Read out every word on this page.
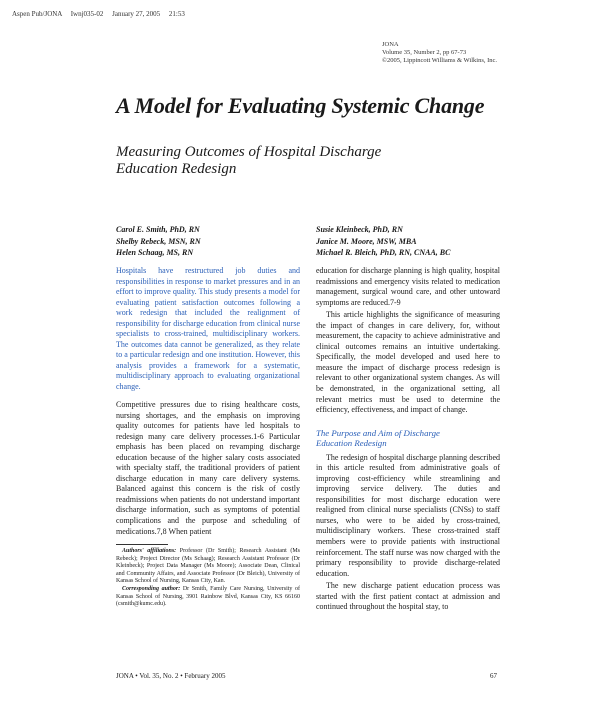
Aspen Pub/JONA     Iwnj035-02     January 27, 2005     21:53
JONA
Volume 35, Number 2, pp 67-73
©2005, Lippincott Williams & Wilkins, Inc.
A Model for Evaluating Systemic Change
Measuring Outcomes of Hospital Discharge
Education Redesign
Carol E. Smith, PhD, RN
Shelby Rebeck, MSN, RN
Helen Schaag, MS, RN
Susie Kleinbeck, PhD, RN
Janice M. Moore, MSW, MBA
Michael R. Bleich, PhD, RN, CNAA, BC

Hospitals have restructured job duties and responsibilities in response to market pressures and in an effort to improve quality. This study presents a model for evaluating patient satisfaction outcomes following a work redesign that included the realignment of responsibility for discharge education from clinical nurse specialists to cross-trained, multidisciplinary workers. The outcomes data cannot be generalized, as they relate to a particular redesign and one institution. However, this analysis provides a framework for a systematic, multidisciplinary approach to evaluating organizational change.

Competitive pressures due to rising healthcare costs, nursing shortages, and the emphasis on improving quality outcomes for patients have led hospitals to redesign many care delivery processes.1-6 Particular emphasis has been placed on revamping discharge education because of the higher salary costs associated with specialty staff, the traditional providers of patient discharge education in many care delivery systems. Balanced against this concern is the risk of costly readmissions when patients do not understand important discharge information, such as symptoms of potential complications and the purpose and scheduling of medications.7,8 When patient

education for discharge planning is high quality, hospital readmissions and emergency visits related to medication management, surgical wound care, and other untoward symptoms are reduced.7-9

This article highlights the significance of measuring the impact of changes in care delivery, for, without measurement, the capacity to achieve administrative and clinical outcomes remains an intuitive undertaking. Specifically, the model developed and used here to measure the impact of discharge process redesign is relevant to other organizational system changes. As will be demonstrated, in the organizational setting, all relevant metrics must be used to determine the efficiency, effectiveness, and impact of change.

The Purpose and Aim of Discharge
Education Redesign

The redesign of hospital discharge planning described in this article resulted from administrative goals of improving cost-efficiency while streamlining and improving service delivery. The duties and responsibilities for most discharge education were realigned from clinical nurse specialists (CNSs) to staff nurses, who were to be aided by cross-trained, multidisciplinary workers. These cross-trained staff members were to provide patients with instructional reinforcement. The staff nurse was now charged with the primary responsibility to provide discharge-related education.

The new discharge patient education process was started with the first patient contact at admission and continued throughout the hospital stay, to

Authors' affiliations: Professor (Dr Smith); Research Assistant (Ms Rebeck); Project Director (Ms Schaag); Research Assistant Professor (Dr Kleinbeck); Project Data Manager (Ms Moore); Associate Dean, Clinical and Community Affairs, and Associate Professor (Dr Bleich), University of Kansas School of Nursing, Kansas City, Kan.

Corresponding author: Dr Smith, Family Care Nursing, University of Kansas School of Nursing, 3901 Rainbow Blvd, Kansas City, KS 66160 (csmith@kumc.edu).

JONA • Vol. 35, No. 2 • February 2005	67
